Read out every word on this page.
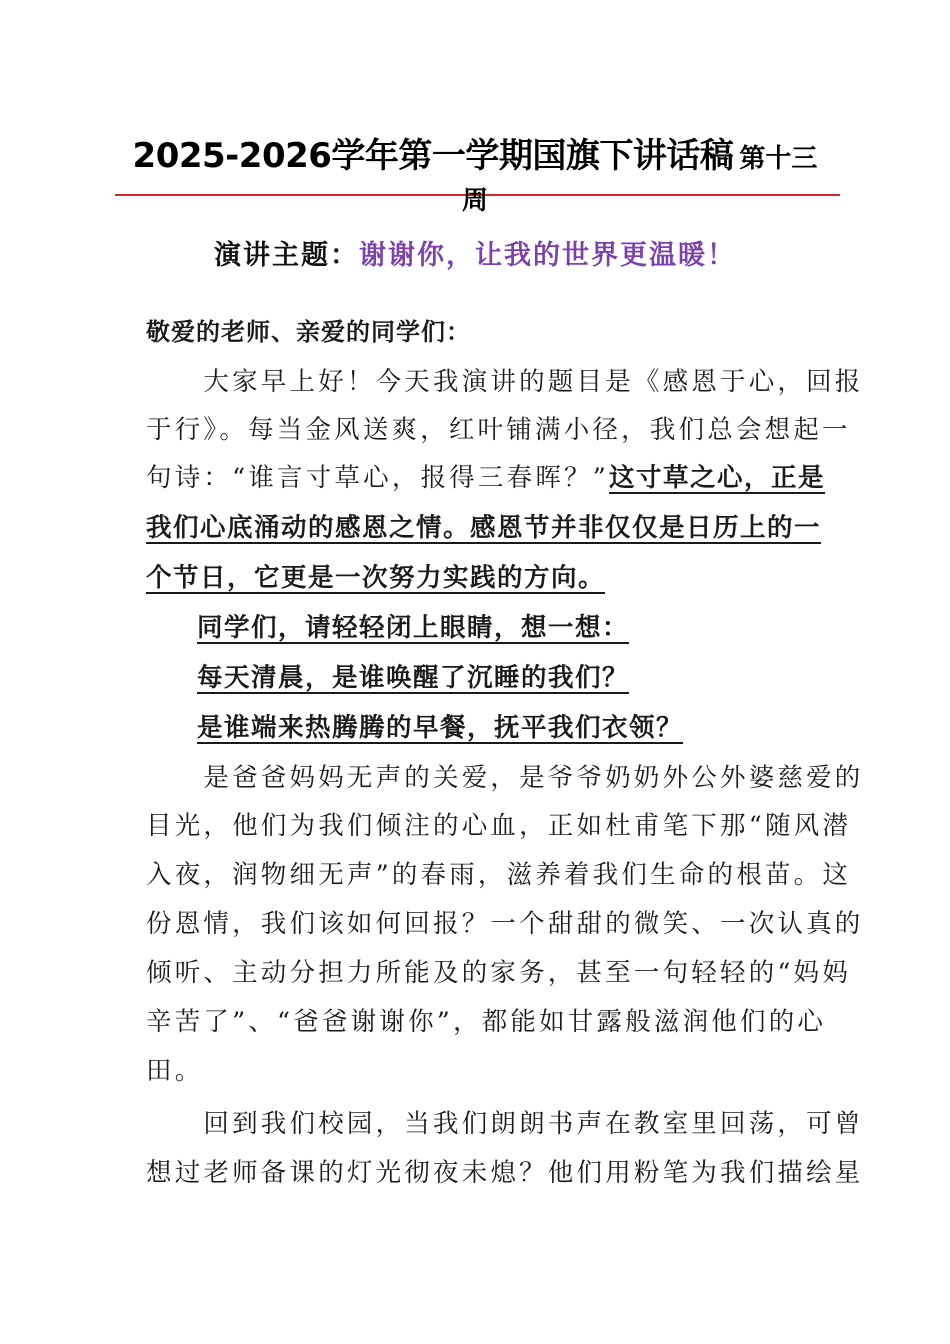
2025-2026学年第一学期国旗下讲话稿 第十三
周
演讲主题：谢谢你，让我的世界更温暖！
敬爱的老师、亲爱的同学们：
　　大家早上好！今天我演讲的题目是《感恩于心，回报
于行》。每当金风送爽，红叶铺满小径，我们总会想起一
句诗：“谁言寸草心，报得三春晖？”这寸草之心，正是
我们心底涌动的感恩之情。感恩节并非仅仅是日历上的一
个节日，它更是一次努力实践的方向。
同学们，请轻轻闭上眼睛，想一想：
每天清晨，是谁唤醒了沉睡的我们？
是谁端来热腾腾的早餐，抚平我们衣领？
　　是爸爸妈妈无声的关爱，是爷爷奶奶外公外婆慈爱的
目光，他们为我们倾注的心血，正如杜甫笔下那“随风潜
入夜，润物细无声”的春雨，滋养着我们生命的根苗。这
份恩情，我们该如何回报？一个甜甜的微笑、一次认真的
倾听、主动分担力所能及的家务，甚至一句轻轻的“妈妈
辛苦了”、“爸爸谢谢你”，都能如甘露般滋润他们的心
田。
　　回到我们校园，当我们朗朗书声在教室里回荡，可曾
想过老师备课的灯光彻夜未熄？他们用粉笔为我们描绘星
